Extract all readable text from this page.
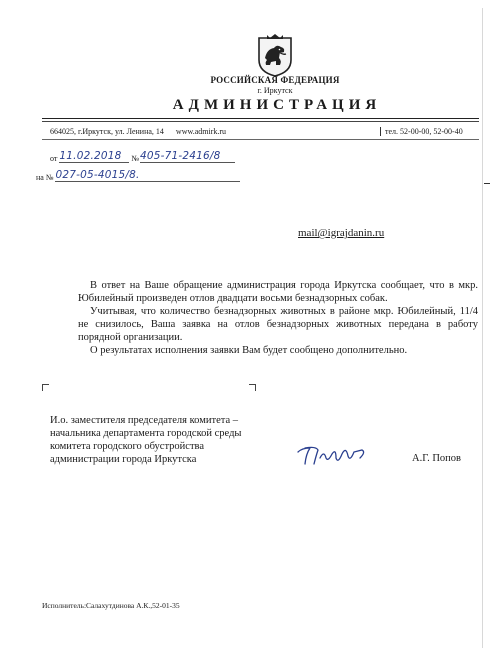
РОССИЙСКАЯ ФЕДЕРАЦИЯ
г. Иркутск
АДМИНИСТРАЦИЯ
664025, г.Иркутск, ул. Ленина, 14 www.admirk.ru	тел. 52-00-00, 52-00-40
от 11.02.2018	№ 405-71-2416/8
на № 027-05-4015/8.
mail@igrajdanin.ru

В ответ на Ваше обращение администрация города Иркутска сообщает, что в мкр. Юбилейный произведен отлов двадцати восьми безнадзорных собак.

Учитывая, что количество безнадзорных животных в районе мкр. Юбилейный, 11/4 не снизилось, Ваша заявка на отлов безнадзорных животных передана в работу порядной организации.

О результатах исполнения заявки Вам будет сообщено дополнительно.

И.о. заместителя председателя комитета –
начальника департамента городской среды
комитета городского обустройства
администрации города Иркутска	А.Г. Попов
Исполнитель:Салахутдинова А.К.,52-01-35
